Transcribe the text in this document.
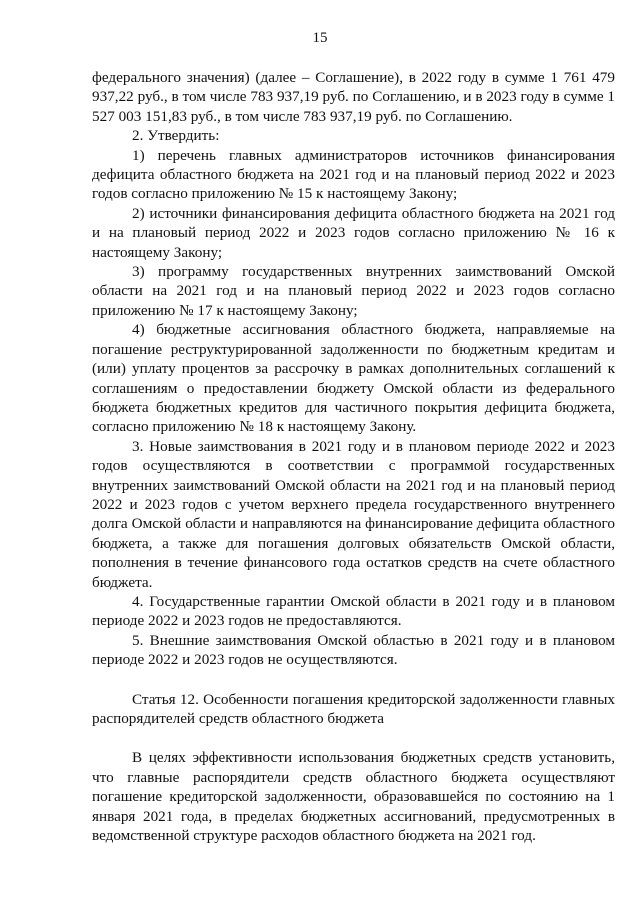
15

федерального значения) (далее – Соглашение), в 2022 году в сумме 1 761 479 937,22 руб., в том числе 783 937,19 руб. по Соглашению, и в 2023 году в сумме 1 527 003 151,83 руб., в том числе 783 937,19 руб. по Соглашению.

2. Утвердить:

1) перечень главных администраторов источников финансирования дефицита областного бюджета на 2021 год и на плановый период 2022 и 2023 годов согласно приложению № 15 к настоящему Закону;

2) источники финансирования дефицита областного бюджета на 2021 год и на плановый период 2022 и 2023 годов согласно приложению № 16 к настоящему Закону;

3) программу государственных внутренних заимствований Омской области на 2021 год и на плановый период 2022 и 2023 годов согласно приложению № 17 к настоящему Закону;

4) бюджетные ассигнования областного бюджета, направляемые на погашение реструктурированной задолженности по бюджетным кредитам и (или) уплату процентов за рассрочку в рамках дополнительных соглашений к соглашениям о предоставлении бюджету Омской области из федерального бюджета бюджетных кредитов для частичного покрытия дефицита бюджета, согласно приложению № 18 к настоящему Закону.

3. Новые заимствования в 2021 году и в плановом периоде 2022 и 2023 годов осуществляются в соответствии с программой государственных внутренних заимствований Омской области на 2021 год и на плановый период 2022 и 2023 годов с учетом верхнего предела государственного внутреннего долга Омской области и направляются на финансирование дефицита областного бюджета, а также для погашения долговых обязательств Омской области, пополнения в течение финансового года остатков средств на счете областного бюджета.

4. Государственные гарантии Омской области в 2021 году и в плановом периоде 2022 и 2023 годов не предоставляются.

5. Внешние заимствования Омской областью в 2021 году и в плановом периоде 2022 и 2023 годов не осуществляются.

Статья 12. Особенности погашения кредиторской задолженности главных распорядителей средств областного бюджета

В целях эффективности использования бюджетных средств установить, что главные распорядители средств областного бюджета осуществляют погашение кредиторской задолженности, образовавшейся по состоянию на 1 января 2021 года, в пределах бюджетных ассигнований, предусмотренных в ведомственной структуре расходов областного бюджета на 2021 год.
